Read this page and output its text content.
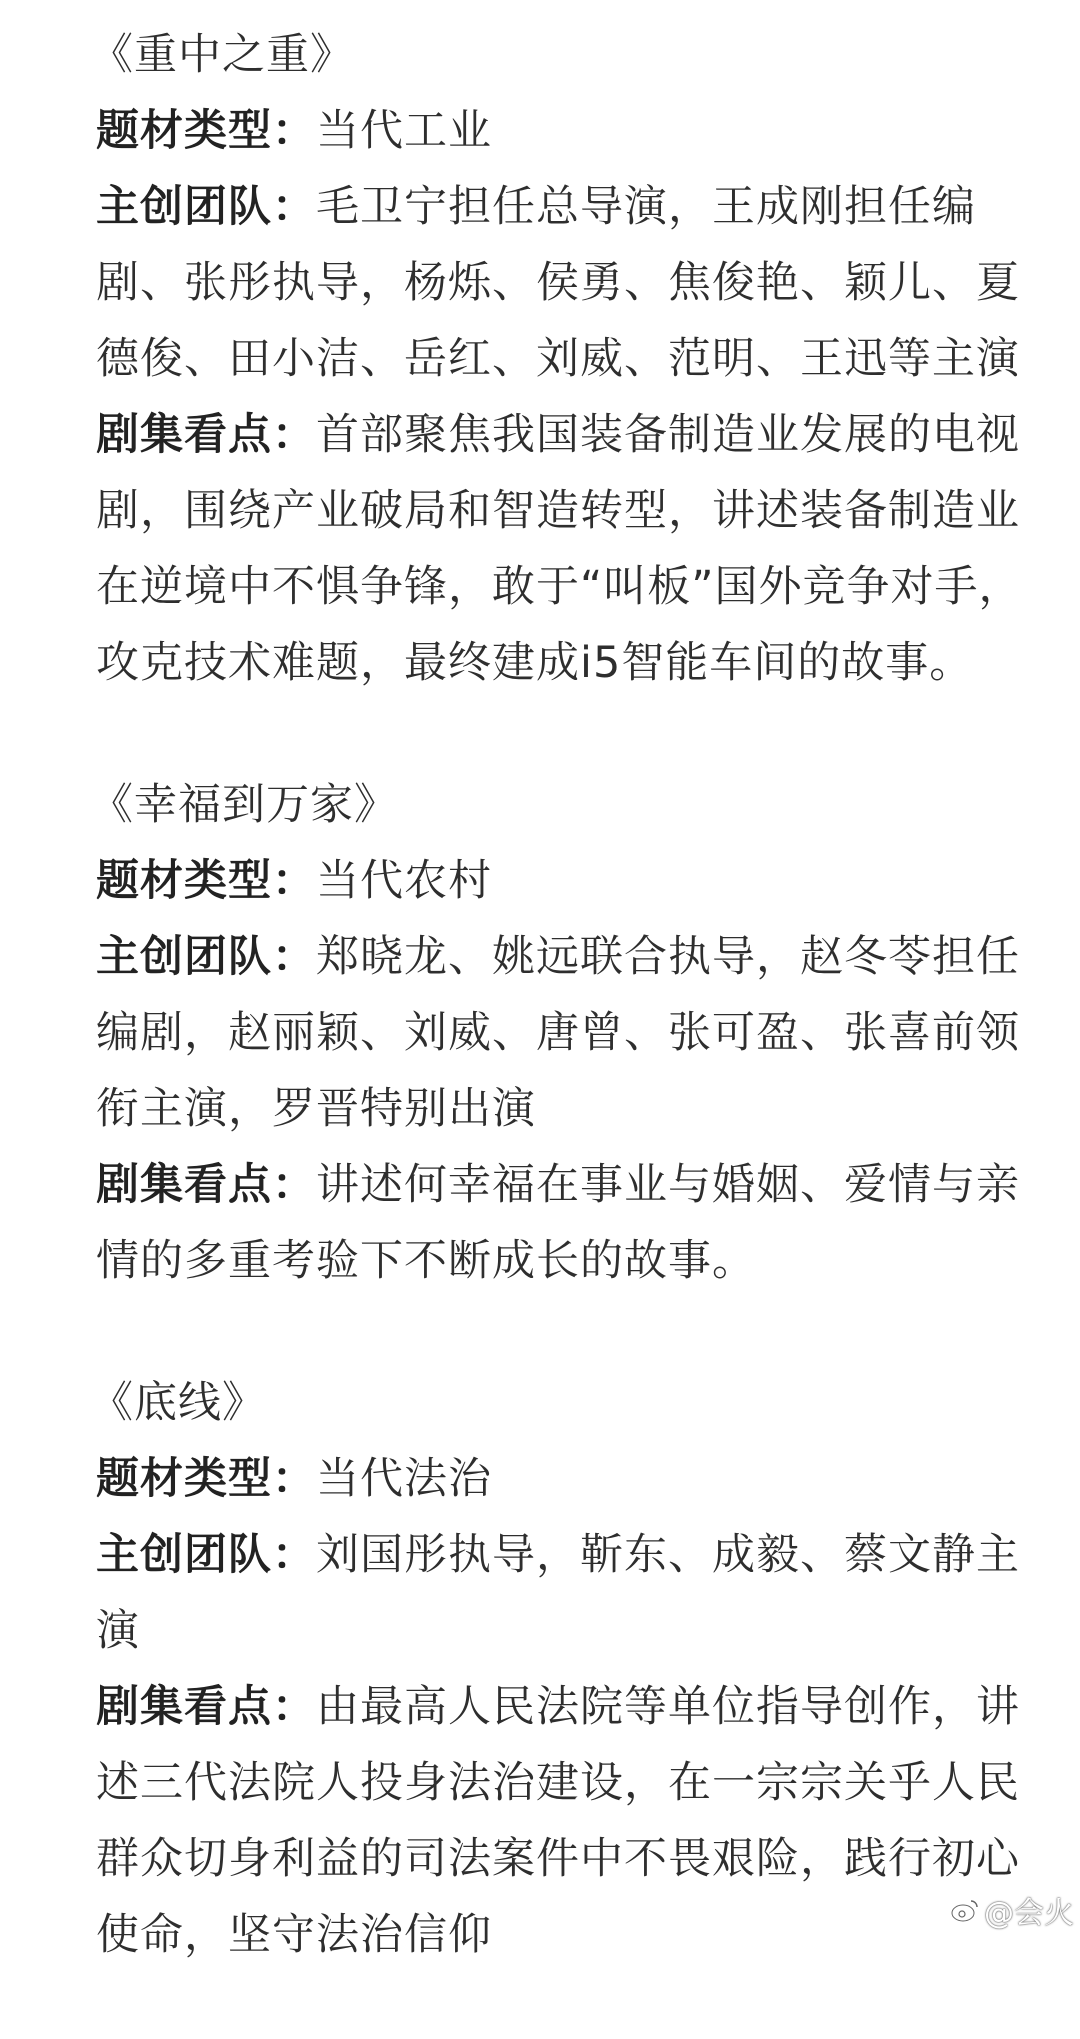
《重中之重》
题材类型：当代工业
主创团队：毛卫宁担任总导演，王成刚担任编
剧、张彤执导，杨烁、侯勇、焦俊艳、颖儿、夏
德俊、田小洁、岳红、刘威、范明、王迅等主演
剧集看点：首部聚焦我国装备制造业发展的电视
剧，围绕产业破局和智造转型，讲述装备制造业
在逆境中不惧争锋，敢于“叫板”国外竞争对手，
攻克技术难题，最终建成i5智能车间的故事。
《幸福到万家》
题材类型：当代农村
主创团队：郑晓龙、姚远联合执导，赵冬苓担任
编剧，赵丽颖、刘威、唐曾、张可盈、张喜前领
衔主演，罗晋特别出演
剧集看点：讲述何幸福在事业与婚姻、爱情与亲
情的多重考验下不断成长的故事。
《底线》
题材类型：当代法治
主创团队：刘国彤执导，靳东、成毅、蔡文静主
演
剧集看点：由最高人民法院等单位指导创作，讲
述三代法院人投身法治建设，在一宗宗关乎人民
群众切身利益的司法案件中不畏艰险，践行初心
使命，坚守法治信仰	@会火
